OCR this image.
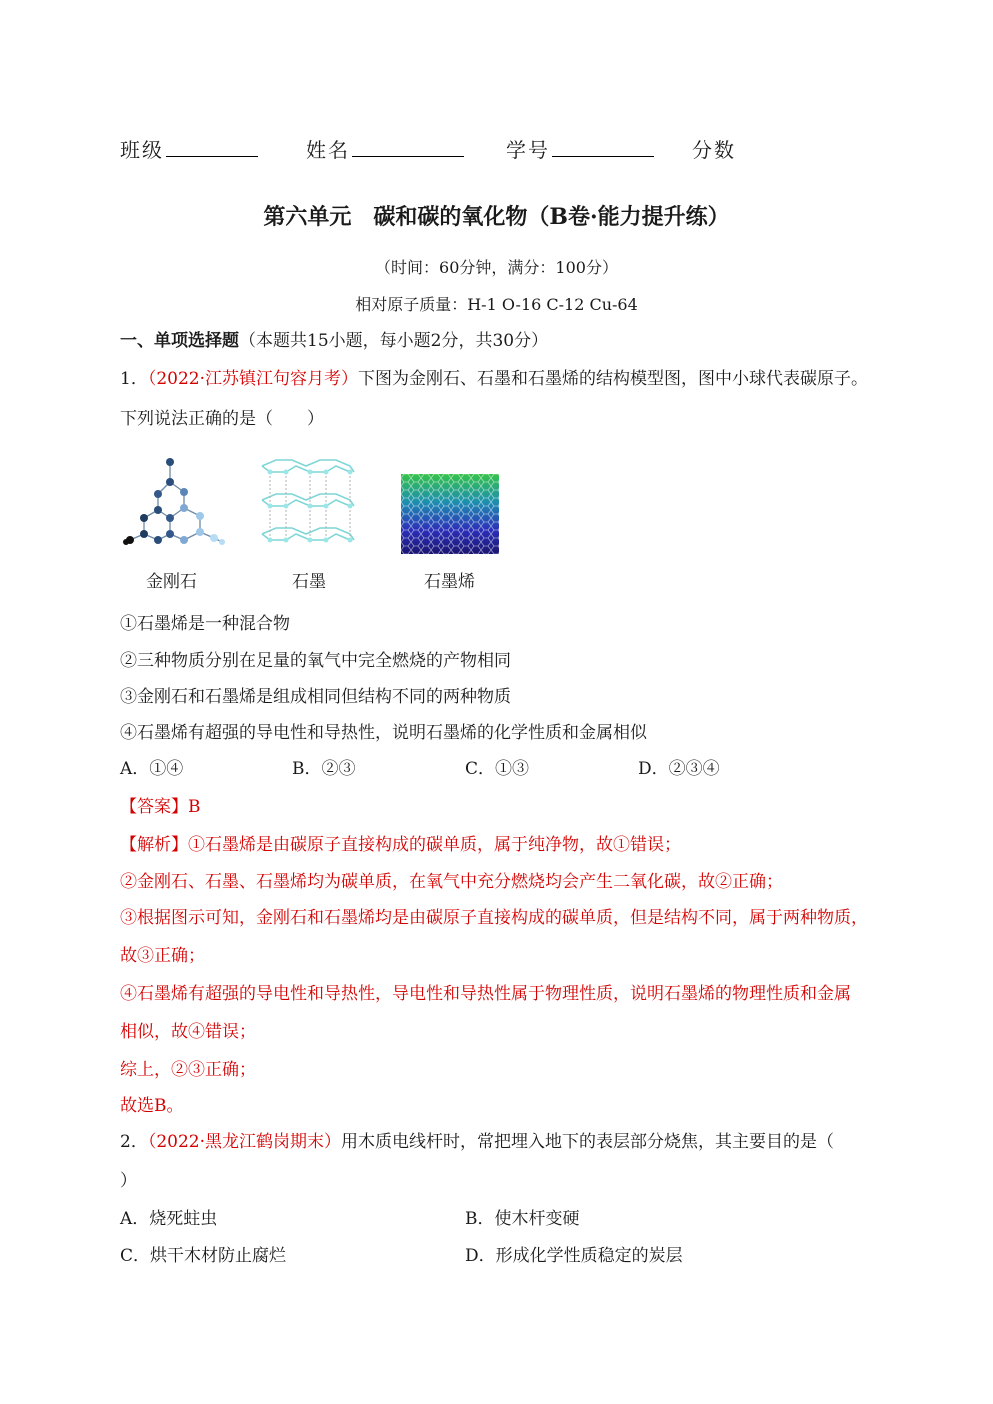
班级	姓名	学号	分数
第六单元　碳和碳的氧化物（B卷·能力提升练）
（时间：60分钟，满分：100分）
相对原子质量：H-1 O-16 C-12 Cu-64
一、单项选择题（本题共15小题，每小题2分，共30分）
1．（2022·江苏镇江句容月考）下图为金刚石、石墨和石墨烯的结构模型图，图中小球代表碳原子。
下列说法正确的是（　　）
金刚石	石墨	石墨烯
①石墨烯是一种混合物
②三种物质分别在足量的氧气中完全燃烧的产物相同
③金刚石和石墨烯是组成相同但结构不同的两种物质
④石墨烯有超强的导电性和导热性，说明石墨烯的化学性质和金属相似
A．①④	B．②③	C．①③	D．②③④
【答案】B
【解析】①石墨烯是由碳原子直接构成的碳单质，属于纯净物，故①错误；
②金刚石、石墨、石墨烯均为碳单质，在氧气中充分燃烧均会产生二氧化碳，故②正确；
③根据图示可知，金刚石和石墨烯均是由碳原子直接构成的碳单质，但是结构不同，属于两种物质，
故③正确；
④石墨烯有超强的导电性和导热性，导电性和导热性属于物理性质，说明石墨烯的物理性质和金属
相似，故④错误；
综上，②③正确；
故选B。
2．（2022·黑龙江鹤岗期末）用木质电线杆时，常把埋入地下的表层部分烧焦，其主要目的是（
）
A．烧死蛀虫	B．使木杆变硬
C．烘干木材防止腐烂	D．形成化学性质稳定的炭层
